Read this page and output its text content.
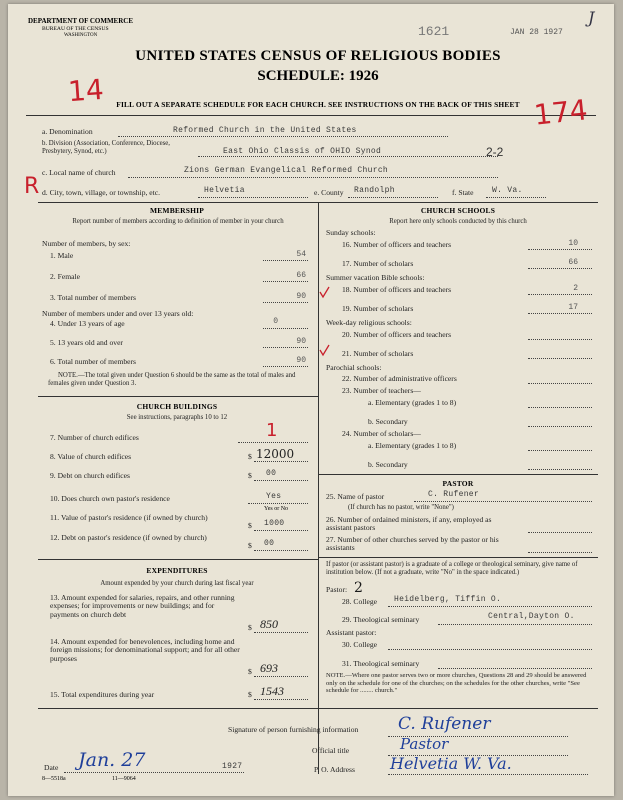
DEPARTMENT OF COMMERCE
BUREAU OF THE CENSUS
WASHINGTON	1621	JAN 28 1927
J
UNITED STATES CENSUS OF RELIGIOUS BODIES
SCHEDULE: 1926
FILL OUT A SEPARATE SCHEDULE FOR EACH CHURCH. SEE INSTRUCTIONS ON THE BACK OF THIS SHEET
14
174
R
a. Denomination	Reformed Church in the United States
b. Division (Association, Conference, Diocese, Presbytery, Synod, etc.)	East Ohio Classis of OHIO Synod	2-2
c. Local name of church	Zions German Evangelical Reformed Church
d. City, town, village, or township, etc.	Helvetia	e. County Randolph	f. State W. Va.
MEMBERSHIP
Report number of members according to definition of member in your church
Number of members, by sex:
1. Male	54
2. Female	66
3. Total number of members	90
Number of members under and over 13 years old:
4. Under 13 years of age	0
5. 13 years old and over	90
6. Total number of members	90
NOTE.—The total given under Question 6 should be the same as the total of males and females given under Question 3.
CHURCH BUILDINGS
See instructions, paragraphs 10 to 12
7. Number of church edifices	1
8. Value of church edifices	$ 12000
9. Debt on church edifices	$ 00
10. Does church own pastor's residence	Yes
Yes or No
11. Value of pastor's residence (if owned by church)
$ 1000
12. Debt on pastor's residence (if owned by church)
$ 00
EXPENDITURES
Amount expended by your church during last fiscal year
13. Amount expended for salaries, repairs, and other running expenses; for improvements or new buildings; and for payments on church debt
$ 850
14. Amount expended for benevolences, including home and foreign missions; for denominational support; and for all other purposes
$ 693
15. Total expenditures during year	$ 1543
CHURCH SCHOOLS
Report here only schools conducted by this church
Sunday schools:
16. Number of officers and teachers	10
17. Number of scholars	66
Summer vacation Bible schools:
18. Number of officers and teachers	2
19. Number of scholars	17
Week-day religious schools:
20. Number of officers and teachers
21. Number of scholars
Parochial schools:
22. Number of administrative officers
23. Number of teachers—
a. Elementary (grades 1 to 8)
b. Secondary
24. Number of scholars—
a. Elementary (grades 1 to 8)
b. Secondary
PASTOR
25. Name of pastor	C. Rufener
(If church has no pastor, write "None")
26. Number of ordained ministers, if any, employed as assistant pastors
27. Number of other churches served by the pastor or his assistants
If pastor (or assistant pastor) is a graduate of a college or theological seminary, give name of institution below. (If not a graduate, write "No" in the space indicated.)
Pastor: 2
28. College Heidelberg, Tiffin O.
29. Theological seminary	Central,Dayton O.
Assistant pastor:
30. College
31. Theological seminary
NOTE.—Where one pastor serves two or more churches, Questions 28 and 29 should be answered only on the schedule for one of the churches; on the schedules for the other churches, write "See schedule for ........ church."
Signature of person furnishing information C. Rufener
Official title	Pastor
Date Jan. 27	1927	P. O. Address Helvetia W. Va.
8—5518a	11—9064
